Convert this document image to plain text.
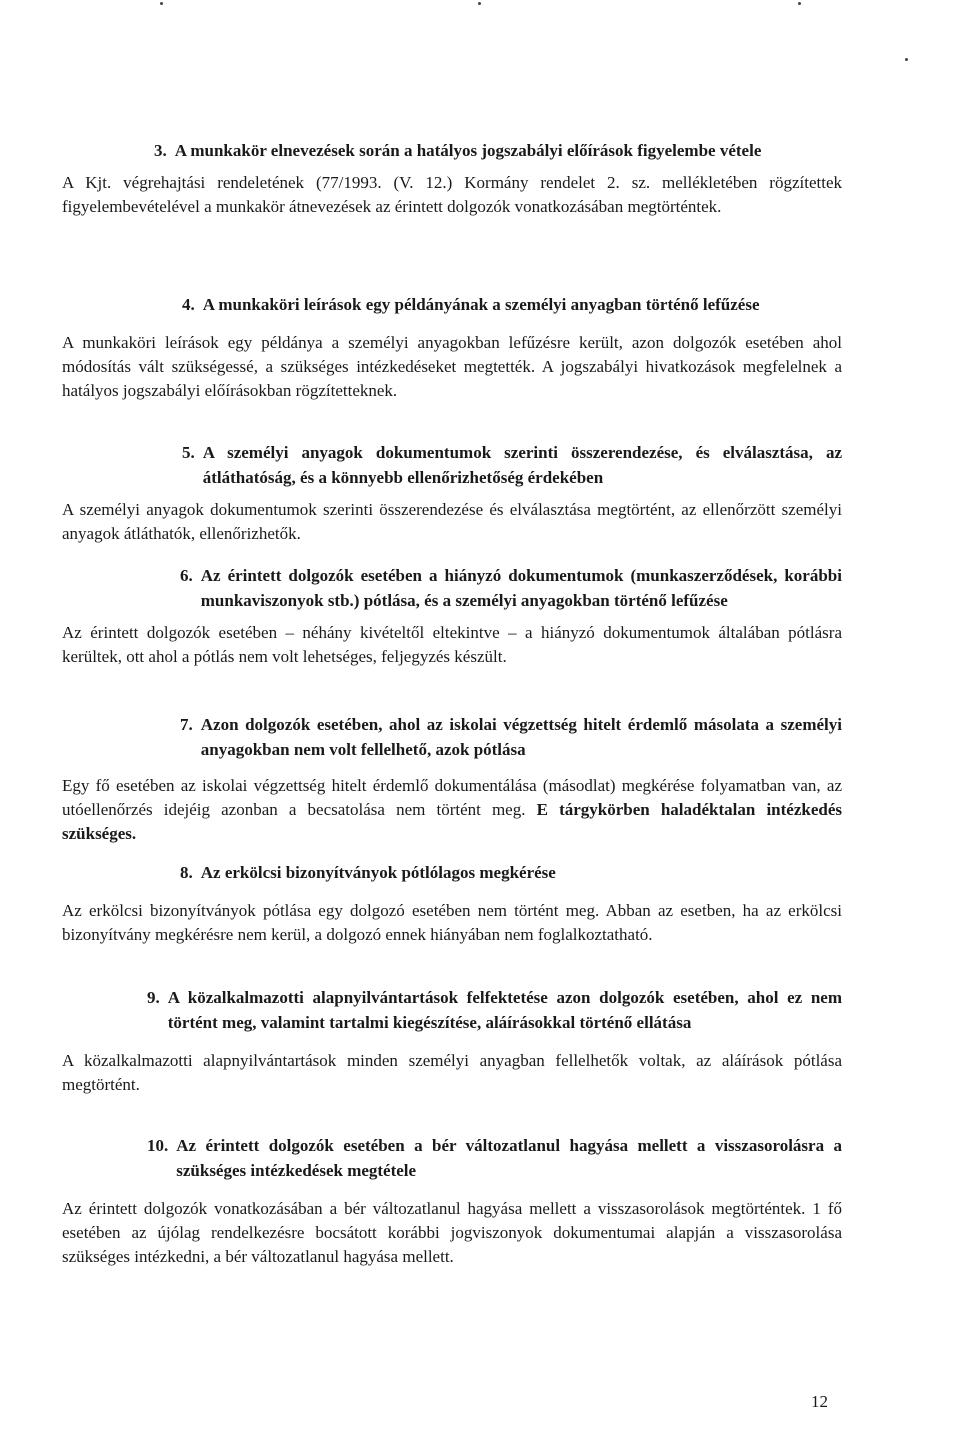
3. A munkakör elnevezések során a hatályos jogszabályi előírások figyelembe vétele
A Kjt. végrehajtási rendeletének (77/1993. (V. 12.) Kormány rendelet 2. sz. mellékletében rögzítettek figyelembevételével a munkakör átnevezések az érintett dolgozók vonatkozásában megtörténtek.
4. A munkaköri leírások egy példányának a személyi anyagban történő lefűzése
A munkaköri leírások egy példánya a személyi anyagokban lefűzésre került, azon dolgozók esetében ahol módosítás vált szükségessé, a szükséges intézkedéseket megtették. A jogszabályi hivatkozások megfelelnek a hatályos jogszabályi előírásokban rögzítetteknek.
5. A személyi anyagok dokumentumok szerinti összerendezése, és elválasztása, az átláthatóság, és a könnyebb ellenőrizhetőség érdekében
A személyi anyagok dokumentumok szerinti összerendezése és elválasztása megtörtént, az ellenőrzött személyi anyagok átláthatók, ellenőrizhetők.
6. Az érintett dolgozók esetében a hiányzó dokumentumok (munkaszerződések, korábbi munkaviszonyok stb.) pótlása, és a személyi anyagokban történő lefűzése
Az érintett dolgozók esetében – néhány kivételtől eltekintve – a hiányzó dokumentumok általában pótlásra kerültek, ott ahol a pótlás nem volt lehetséges, feljegyzés készült.
7. Azon dolgozók esetében, ahol az iskolai végzettség hitelt érdemlő másolata a személyi anyagokban nem volt fellelhető, azok pótlása
Egy fő esetében az iskolai végzettség hitelt érdemlő dokumentálása (másodlat) megkérése folyamatban van, az utóellenőrzés idejéig azonban a becsatolása nem történt meg. E tárgykörben haladéktalan intézkedés szükséges.
8. Az erkölcsi bizonyítványok pótlólagos megkérése
Az erkölcsi bizonyítványok pótlása egy dolgozó esetében nem történt meg. Abban az esetben, ha az erkölcsi bizonyítvány megkérésre nem kerül, a dolgozó ennek hiányában nem foglalkoztatható.
9. A közalkalmazotti alapnyilvántartások felfektetése azon dolgozók esetében, ahol ez nem történt meg, valamint tartalmi kiegészítése, aláírásokkal történő ellátása
A közalkalmazotti alapnyilvántartások minden személyi anyagban fellelhetők voltak, az aláírások pótlása megtörtént.
10. Az érintett dolgozók esetében a bér változatlanul hagyása mellett a visszasorolásra a szükséges intézkedések megtétele
Az érintett dolgozók vonatkozásában a bér változatlanul hagyása mellett a visszasorolások megtörténtek. 1 fő esetében az újólag rendelkezésre bocsátott korábbi jogviszonyok dokumentumai alapján a visszasorolása szükséges intézkedni, a bér változatlanul hagyása mellett.
12
